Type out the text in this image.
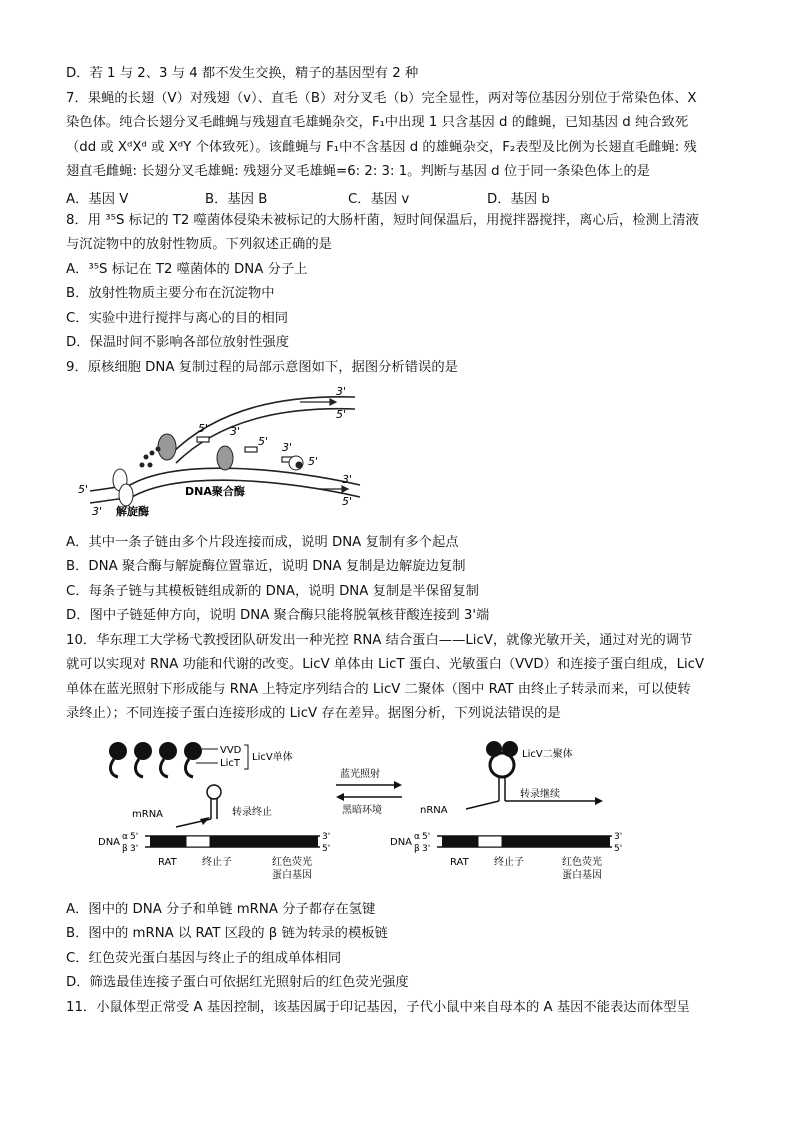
D．若 1 与 2、3 与 4 都不发生交换，精子的基因型有 2 种
7．果蝇的长翅（V）对残翅（v）、直毛（B）对分叉毛（b）完全显性，两对等位基因分别位于常染色体、X
染色体。纯合长翅分叉毛雌蝇与残翅直毛雄蝇杂交，F₁中出现 1 只含基因 d 的雌蝇，已知基因 d 纯合致死
（dd 或 XᵈXᵈ 或 XᵈY 个体致死）。该雌蝇与 F₁中不含基因 d 的雄蝇杂交，F₂表型及比例为长翅直毛雌蝇: 残
翅直毛雌蝇: 长翅分叉毛雄蝇: 残翅分叉毛雄蝇=6: 2: 3: 1。判断与基因 d 位于同一条染色体上的是
A．基因 V	B．基因 B	C．基因 v	D．基因 b
8．用 ³⁵S 标记的 T2 噬菌体侵染未被标记的大肠杆菌，短时间保温后，用搅拌器搅拌，离心后，检测上清液
与沉淀物中的放射性物质。下列叙述正确的是
A．³⁵S 标记在 T2 噬菌体的 DNA 分子上
B．放射性物质主要分布在沉淀物中
C．实验中进行搅拌与离心的目的相同
D．保温时间不影响各部位放射性强度
9．原核细胞 DNA 复制过程的局部示意图如下，据图分析错误的是
3'
5'
5' 3'
5' 3'
5'
3'
5'
5'
3'
DNA聚合酶
解旋酶
A．其中一条子链由多个片段连接而成，说明 DNA 复制有多个起点
B．DNA 聚合酶与解旋酶位置靠近，说明 DNA 复制是边解旋边复制
C．每条子链与其模板链组成新的 DNA，说明 DNA 复制是半保留复制
D．图中子链延伸方向，说明 DNA 聚合酶只能将脱氧核苷酸连接到 3'端
10．华东理工大学杨弋教授团队研发出一种光控 RNA 结合蛋白——LicV，就像光敏开关，通过对光的调节
就可以实现对 RNA 功能和代谢的改变。LicV 单体由 LicT 蛋白、光敏蛋白（VVD）和连接子蛋白组成，LicV
单体在蓝光照射下形成能与 RNA 上特定序列结合的 LicV 二聚体（图中 RAT 由终止子转录而来，可以使转
录终止）；不同连接子蛋白连接形成的 LicV 存在差异。据图分析，下列说法错误的是
VVD
LicT
LicV单体
mRNA	转录终止
DNA α 5'
β 3'
3'
5'
RAT	终止子	红色荧光
蛋白基因
蓝光照射
黑暗环境
LicV二聚体
nRNA
转录继续
DNA α 5'
β 3'
3'
5'
RAT	终止子	红色荧光
蛋白基因
A．图中的 DNA 分子和单链 mRNA 分子都存在氢键
B．图中的 mRNA 以 RAT 区段的 β 链为转录的模板链
C．红色荧光蛋白基因与终止子的组成单体相同
D．筛选最佳连接子蛋白可依据红光照射后的红色荧光强度
11．小鼠体型正常受 A 基因控制，该基因属于印记基因，子代小鼠中来自母本的 A 基因不能表达而体型呈
